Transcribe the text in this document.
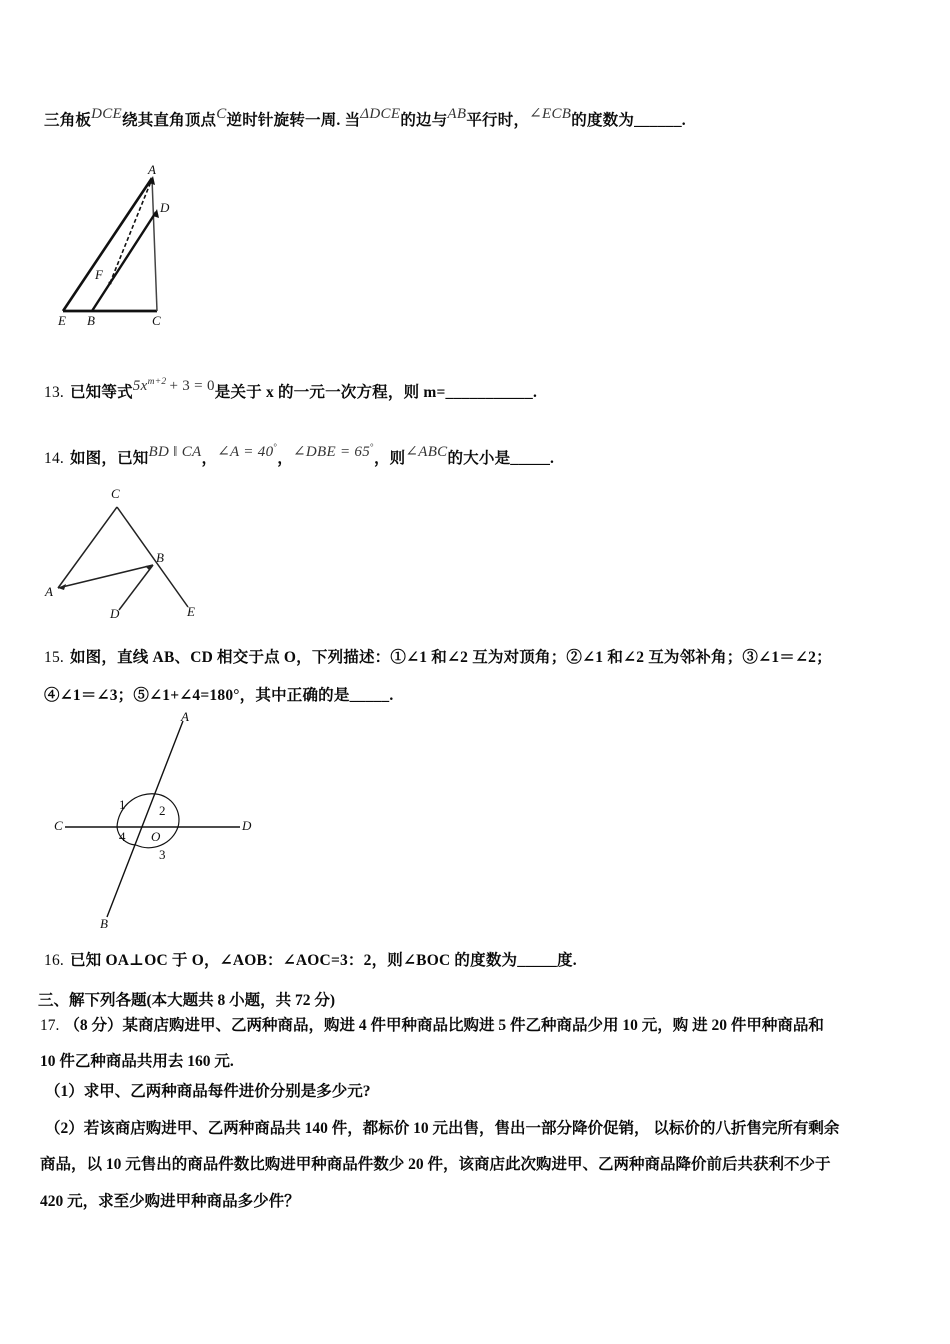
三角板DCE绕其直角顶点C逆时针旋转一周. 当ΔDCE的边与AB平行时，∠ECB的度数为______.
A
D
F
E B	C
13. 已知等式$5x^{m+2} + 3 = 0$是关于 x 的一元一次方程，则 m=___________.
14. 如图，已知BD ‖ CA，∠A = 40°，∠DBE = 65°，则∠ABC的大小是_____.
C
B
A
D	E
15. 如图，直线 AB、CD 相交于点 O，下列描述：①∠1 和∠2 互为对顶角；②∠1 和∠2 互为邻补角；③∠1＝∠2；
④∠1＝∠3；⑤∠1+∠4=180°，其中正确的是_____.
A
C	D
B
O
1	2
3
4
16. 已知 OA⊥OC 于 O，∠AOB：∠AOC=3：2，则∠BOC 的度数为_____度.
三、解下列各题(本大题共 8 小题，共 72 分)
17. （8 分）某商店购进甲、乙两种商品，购进 4 件甲种商品比购进 5 件乙种商品少用 10 元，购 进 20 件甲种商品和
10 件乙种商品共用去 160 元.
（1）求甲、乙两种商品每件进价分别是多少元?
（2）若该商店购进甲、乙两种商品共 140 件，都标价 10 元出售，售出一部分降价促销， 以标价的八折售完所有剩余
商品，以 10 元售出的商品件数比购进甲种商品件数少 20 件，该商店此次购进甲、乙两种商品降价前后共获利不少于
420 元，求至少购进甲种商品多少件？
